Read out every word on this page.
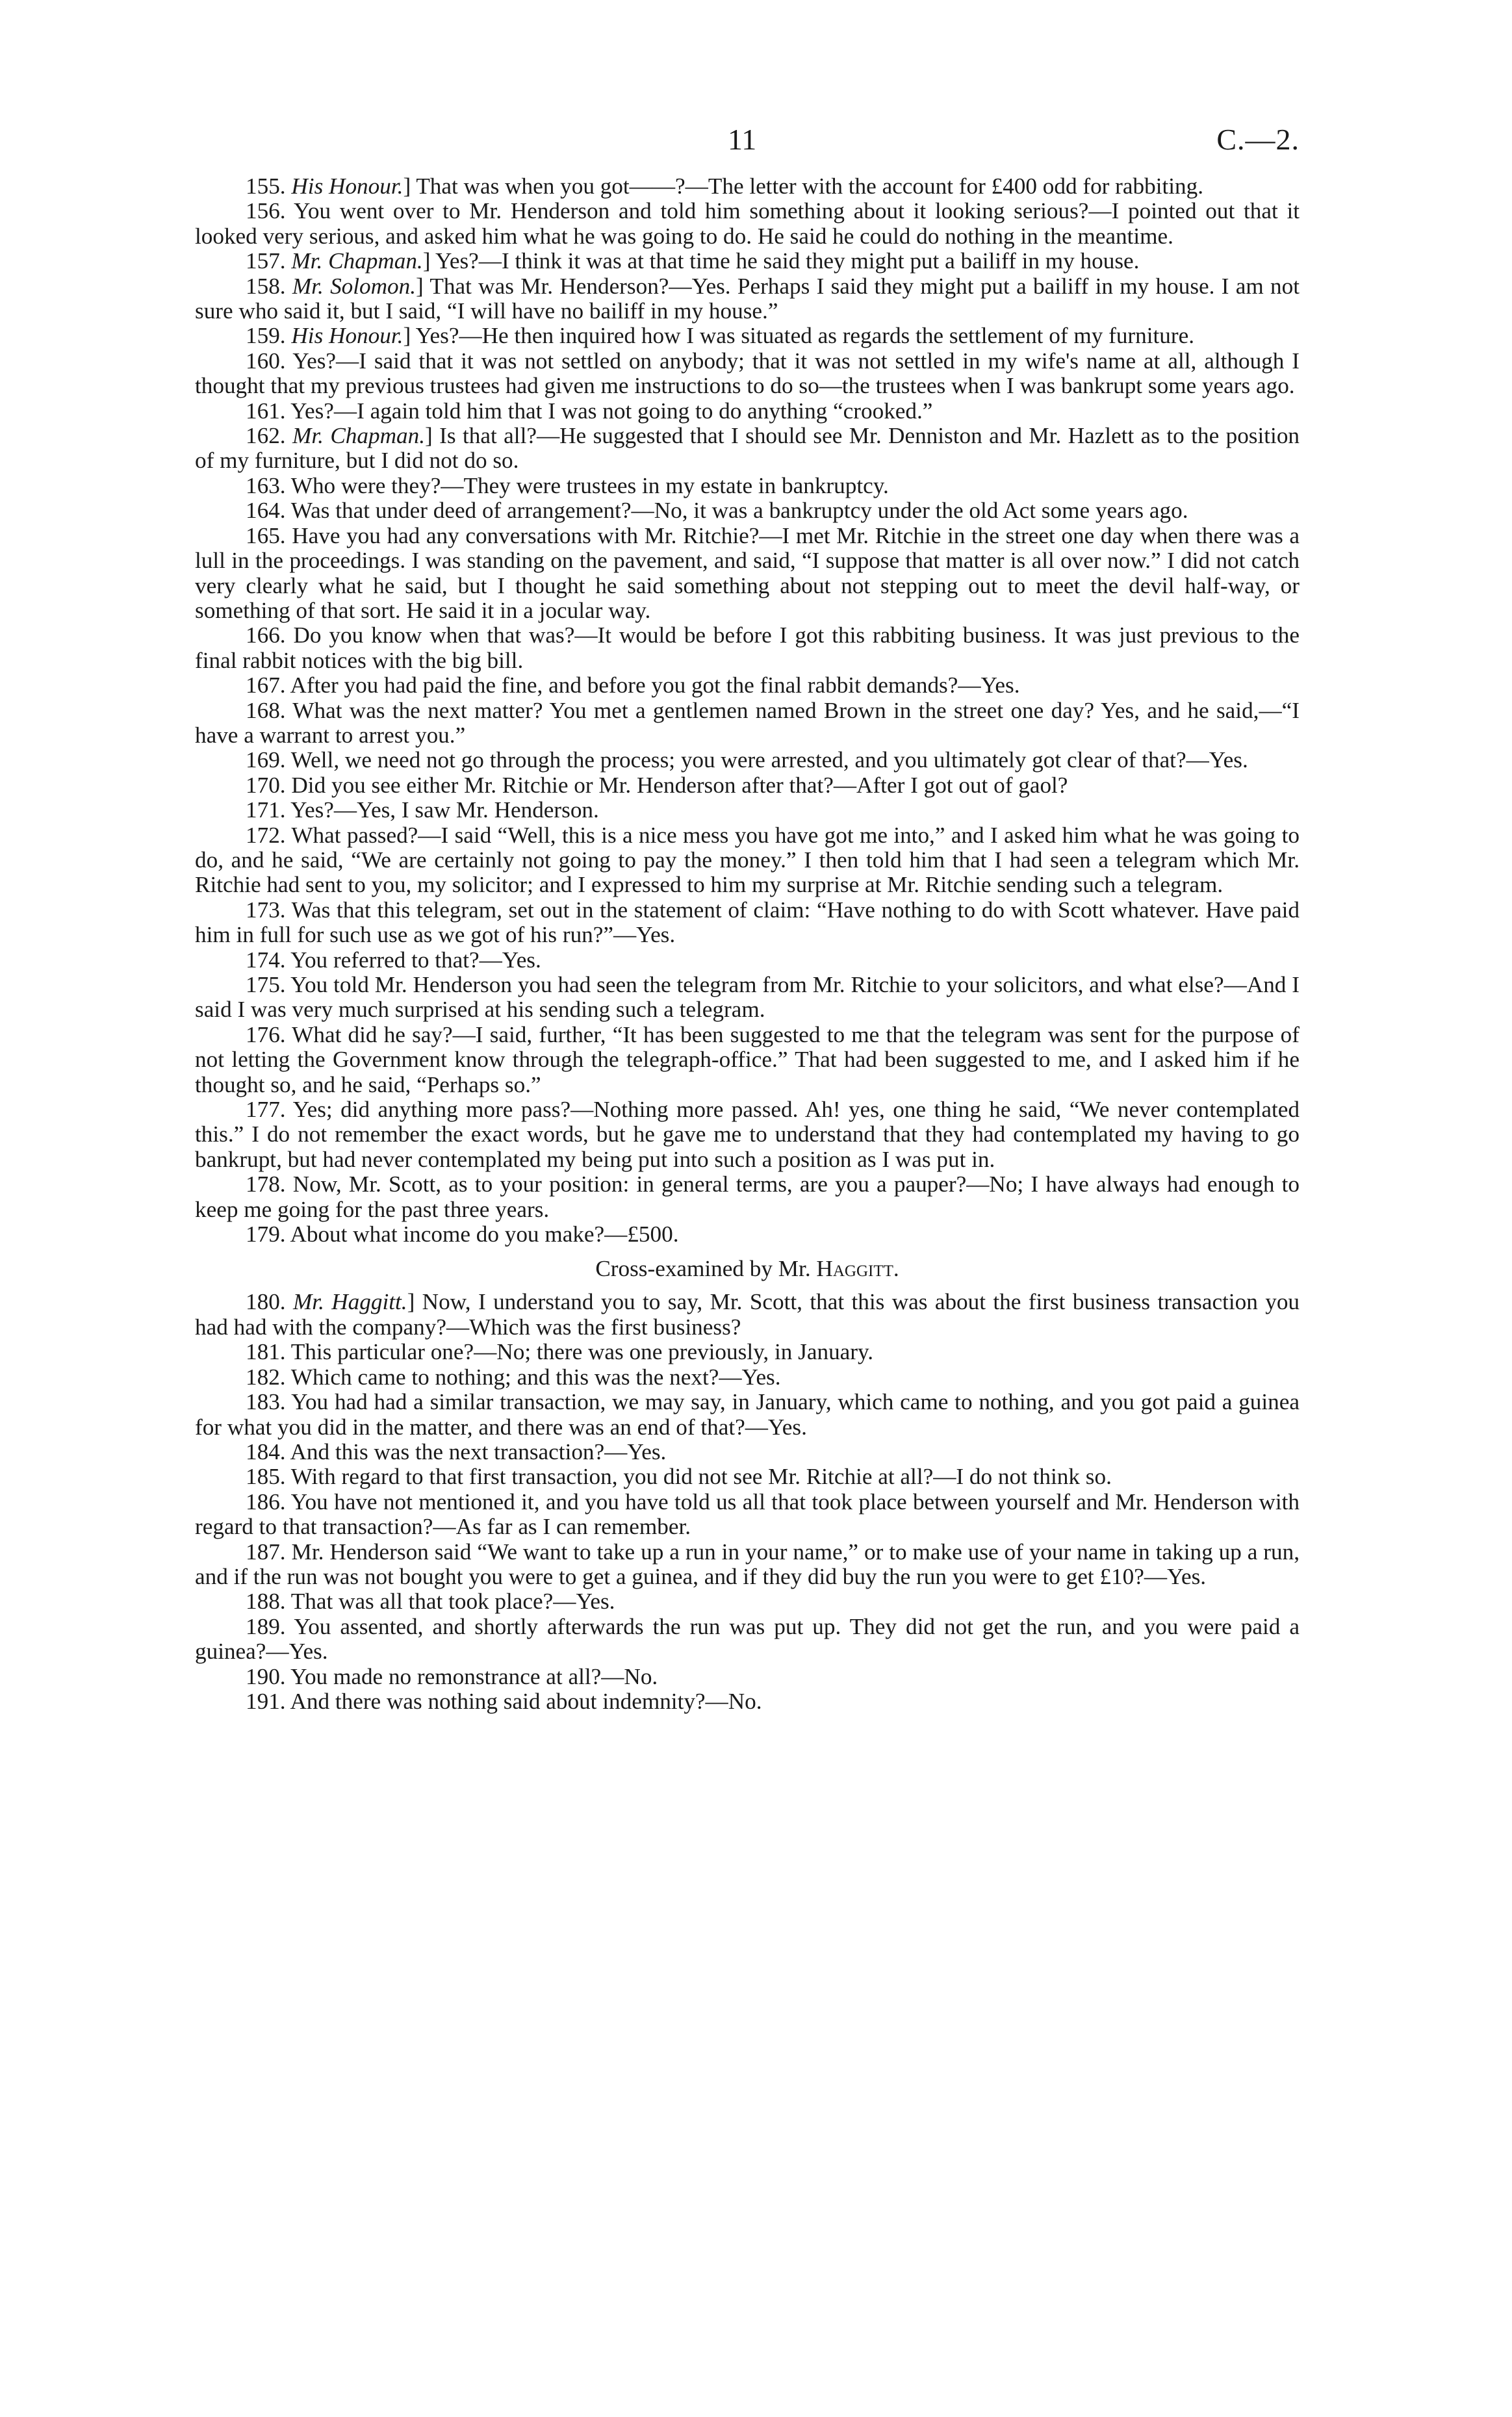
11	C.—2.

155. His Honour.] That was when you got——?—The letter with the account for £400 odd for rabbiting.

156. You went over to Mr. Henderson and told him something about it looking serious?—I pointed out that it looked very serious, and asked him what he was going to do. He said he could do nothing in the meantime.

157. Mr. Chapman.] Yes?—I think it was at that time he said they might put a bailiff in my house.

158. Mr. Solomon.] That was Mr. Henderson?—Yes. Perhaps I said they might put a bailiff in my house. I am not sure who said it, but I said, “I will have no bailiff in my house.”

159. His Honour.] Yes?—He then inquired how I was situated as regards the settlement of my furniture.

160. Yes?—I said that it was not settled on anybody; that it was not settled in my wife's name at all, although I thought that my previous trustees had given me instructions to do so—the trustees when I was bankrupt some years ago.

161. Yes?—I again told him that I was not going to do anything “crooked.”

162. Mr. Chapman.] Is that all?—He suggested that I should see Mr. Denniston and Mr. Hazlett as to the position of my furniture, but I did not do so.

163. Who were they?—They were trustees in my estate in bankruptcy.

164. Was that under deed of arrangement?—No, it was a bankruptcy under the old Act some years ago.

165. Have you had any conversations with Mr. Ritchie?—I met Mr. Ritchie in the street one day when there was a lull in the proceedings. I was standing on the pavement, and said, “I suppose that matter is all over now.” I did not catch very clearly what he said, but I thought he said something about not stepping out to meet the devil half-way, or something of that sort. He said it in a jocular way.

166. Do you know when that was?—It would be before I got this rabbiting business. It was just previous to the final rabbit notices with the big bill.

167. After you had paid the fine, and before you got the final rabbit demands?—Yes.

168. What was the next matter? You met a gentlemen named Brown in the street one day? Yes, and he said,—“I have a warrant to arrest you.”

169. Well, we need not go through the process; you were arrested, and you ultimately got clear of that?—Yes.

170. Did you see either Mr. Ritchie or Mr. Henderson after that?—After I got out of gaol?

171. Yes?—Yes, I saw Mr. Henderson.

172. What passed?—I said “Well, this is a nice mess you have got me into,” and I asked him what he was going to do, and he said, “We are certainly not going to pay the money.” I then told him that I had seen a telegram which Mr. Ritchie had sent to you, my solicitor; and I expressed to him my surprise at Mr. Ritchie sending such a telegram.

173. Was that this telegram, set out in the statement of claim: “Have nothing to do with Scott whatever. Have paid him in full for such use as we got of his run?”—Yes.

174. You referred to that?—Yes.

175. You told Mr. Henderson you had seen the telegram from Mr. Ritchie to your solicitors, and what else?—And I said I was very much surprised at his sending such a telegram.

176. What did he say?—I said, further, “It has been suggested to me that the telegram was sent for the purpose of not letting the Government know through the telegraph-office.” That had been suggested to me, and I asked him if he thought so, and he said, “Perhaps so.”

177. Yes; did anything more pass?—Nothing more passed. Ah! yes, one thing he said, “We never contemplated this.” I do not remember the exact words, but he gave me to understand that they had contemplated my having to go bankrupt, but had never contemplated my being put into such a position as I was put in.

178. Now, Mr. Scott, as to your position: in general terms, are you a pauper?—No; I have always had enough to keep me going for the past three years.

179. About what income do you make?—£500.

Cross-examined by Mr. Haggitt.

180. Mr. Haggitt.] Now, I understand you to say, Mr. Scott, that this was about the first business transaction you had had with the company?—Which was the first business?

181. This particular one?—No; there was one previously, in January.

182. Which came to nothing; and this was the next?—Yes.

183. You had had a similar transaction, we may say, in January, which came to nothing, and you got paid a guinea for what you did in the matter, and there was an end of that?—Yes.

184. And this was the next transaction?—Yes.

185. With regard to that first transaction, you did not see Mr. Ritchie at all?—I do not think so.

186. You have not mentioned it, and you have told us all that took place between yourself and Mr. Henderson with regard to that transaction?—As far as I can remember.

187. Mr. Henderson said “We want to take up a run in your name,” or to make use of your name in taking up a run, and if the run was not bought you were to get a guinea, and if they did buy the run you were to get £10?—Yes.

188. That was all that took place?—Yes.

189. You assented, and shortly afterwards the run was put up. They did not get the run, and you were paid a guinea?—Yes.

190. You made no remonstrance at all?—No.

191. And there was nothing said about indemnity?—No.
